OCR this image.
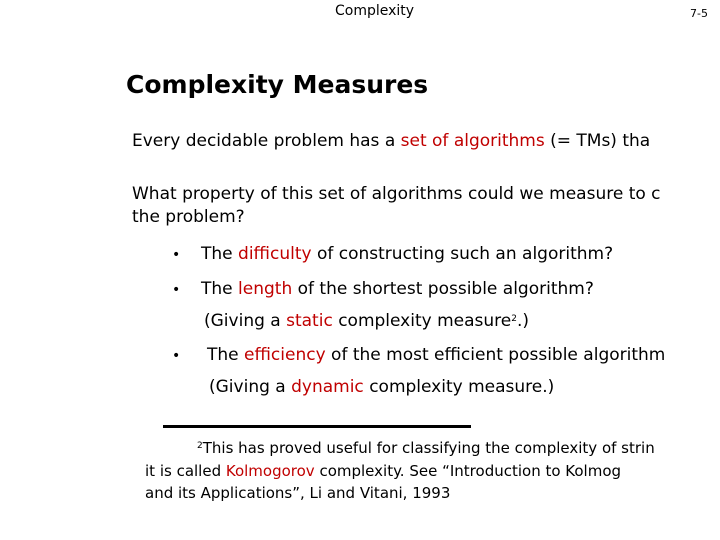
Complexity	7-5
Complexity Measures
Every decidable problem has a set of algorithms (= TMs) tha
What property of this set of algorithms could we measure to c
the problem?
• The difficulty of constructing such an algorithm?
• The length of the shortest possible algorithm?
(Giving a static complexity measure$^2$.)
• The efficiency of the most efficient possible algorithm
(Giving a dynamic complexity measure.)
$^2$This has proved useful for classifying the complexity of strin
it is called Kolmogorov complexity. See “Introduction to Kolmog
and its Applications”, Li and Vitani, 1993
